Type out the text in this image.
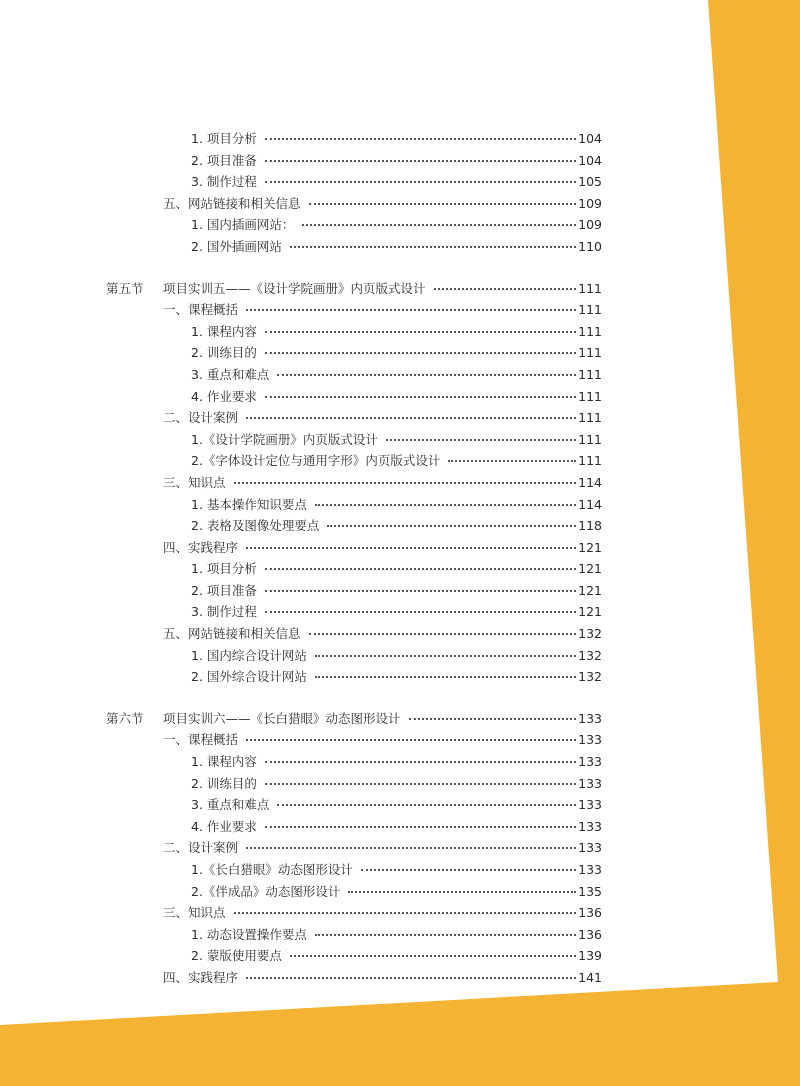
1. 项目分析	104
2. 项目准备	104
3. 制作过程	105
五、网站链接和相关信息	109
1. 国内插画网站：	109
2. 国外插画网站	110
第五节	项目实训五——《设计学院画册》内页版式设计	111
一、课程概括	111
1. 课程内容	111
2. 训练目的	111
3. 重点和难点	111
4. 作业要求	111
二、设计案例	111
1.《设计学院画册》内页版式设计	111
2.《字体设计定位与通用字形》内页版式设计	111
三、知识点	114
1. 基本操作知识要点	114
2. 表格及图像处理要点	118
四、实践程序	121
1. 项目分析	121
2. 项目准备	121
3. 制作过程	121
五、网站链接和相关信息	132
1. 国内综合设计网站	132
2. 国外综合设计网站	132
第六节	项目实训六——《长白猎眼》动态图形设计	133
一、课程概括	133
1. 课程内容	133
2. 训练目的	133
3. 重点和难点	133
4. 作业要求	133
二、设计案例	133
1.《长白猎眼》动态图形设计	133
2.《伴成品》动态图形设计	135
三、知识点	136
1. 动态设置操作要点	136
2. 蒙版使用要点	139
四、实践程序	141
